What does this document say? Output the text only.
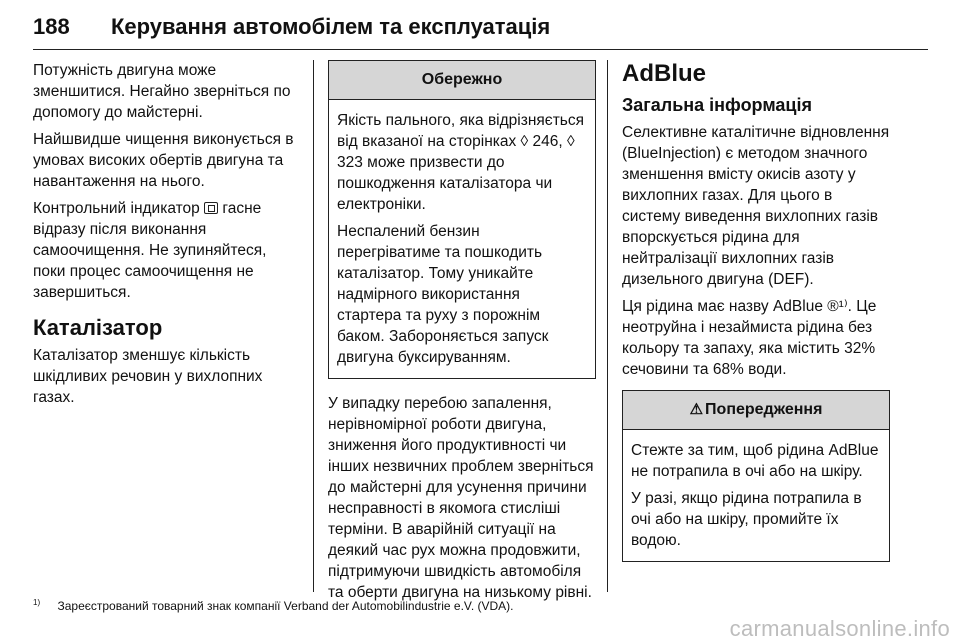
188 Керування автомобілем та експлуатація

Потужність двигуна може зменшитися. Негайно зверніться по допомогу до майстерні.

Найшвидше чищення виконується в умовах високих обертів двигуна та навантаження на нього.

Контрольний індикатор гасне відразу після виконання самоочищення. Не зупиняйтеся, поки процес самоочищення не завершиться.

Каталізатор

Каталізатор зменшує кількість шкідливих речовин у вихлопних газах.

Обережно

Якість пального, яка відрізняється від вказаної на сторінках ◊ 246, ◊ 323 може призвести до пошкодження каталізатора чи електроніки.

Неспалений бензин перегріватиме та пошкодить каталізатор. Тому уникайте надмірного використання стартера та руху з порожнім баком. Забороняється запуск двигуна буксируванням.

У випадку перебою запалення, нерівномірної роботи двигуна, зниження його продуктивності чи інших незвичних проблем зверніться до майстерні для усунення причини несправності в якомога стисліші терміни. В аварійній ситуації на деякий час рух можна продовжити, підтримуючи швидкість автомобіля та оберти двигуна на низькому рівні.

AdBlue
Загальна інформація

Селективне каталітичне відновлення (BlueInjection) є методом значного зменшення вмісту окисів азоту у вихлопних газах. Для цього в систему виведення вихлопних газів впорскується рідина для нейтралізації вихлопних газів дизельного двигуна (DEF).

Ця рідина має назву AdBlue ®¹⁾. Це неотруйна і незаймиста рідина без кольору та запаху, яка містить 32% сечовини та 68% води.

⚠ Попередження

Стежте за тим, щоб рідина AdBlue не потрапила в очі або на шкіру.

У разі, якщо рідина потрапила в очі або на шкіру, промийте їх водою.

$^{1)}$ Зареєстрований товарний знак компанії Verband der Automobilindustrie e.V. (VDA).
carmanualsonline.info
